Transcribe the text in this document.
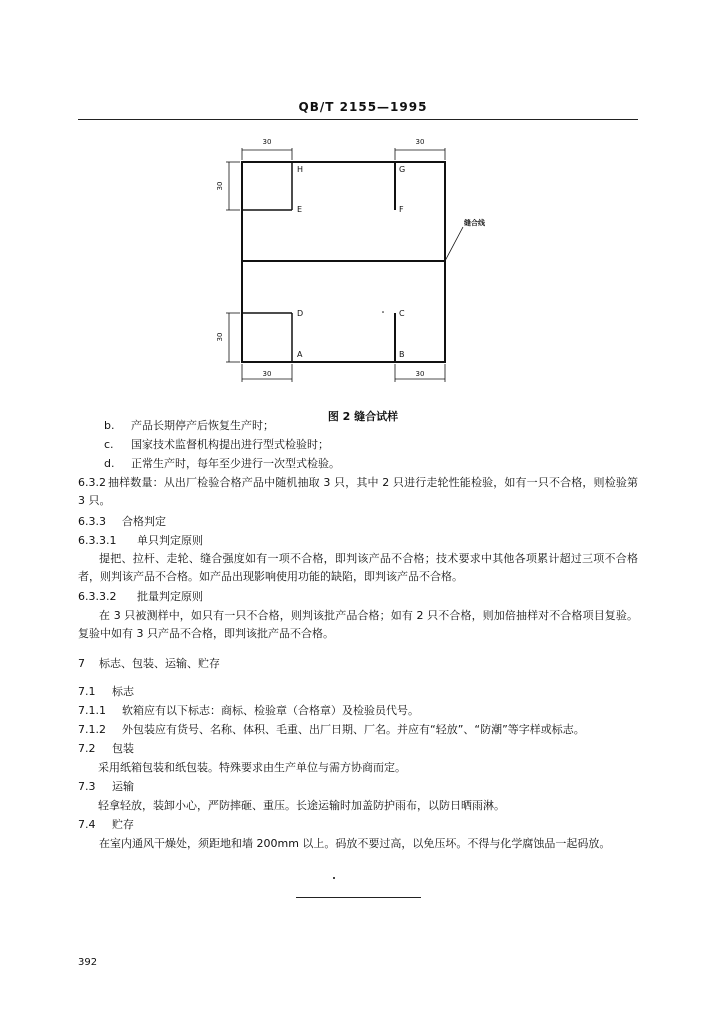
QB/T 2155—1995
30	30
30
30
30	30
H	G
E	F
D	C
A	B
缝合线
图 2 缝合试样
b. 产品长期停产后恢复生产时；
c. 国家技术监督机构提出进行型式检验时；
d. 正常生产时，每年至少进行一次型式检验。
6.3.2 抽样数量：从出厂检验合格产品中随机抽取 3 只，其中 2 只进行走轮性能检验，如有一只不合格，则检验第 3 只。
6.3.3 合格判定
6.3.3.1 单只判定原则
提把、拉杆、走轮、缝合强度如有一项不合格，即判该产品不合格；技术要求中其他各项累计超过三项不合格者，则判该产品不合格。如产品出现影响使用功能的缺陷，即判该产品不合格。
6.3.3.2 批量判定原则
在 3 只被测样中，如只有一只不合格，则判该批产品合格；如有 2 只不合格，则加倍抽样对不合格项目复验。复验中如有 3 只产品不合格，即判该批产品不合格。
7 标志、包装、运输、贮存
7.1 标志
7.1.1 软箱应有以下标志：商标、检验章（合格章）及检验员代号。
7.1.2 外包装应有货号、名称、体积、毛重、出厂日期、厂名。并应有“轻放”、“防潮”等字样或标志。
7.2 包装
采用纸箱包装和纸包装。特殊要求由生产单位与需方协商而定。
7.3 运输
轻拿轻放，装卸小心，严防摔砸、重压。长途运输时加盖防护雨布，以防日晒雨淋。
7.4 贮存
在室内通风干燥处，须距地和墙 200mm 以上。码放不要过高，以免压坏。不得与化学腐蚀品一起码放。
392
